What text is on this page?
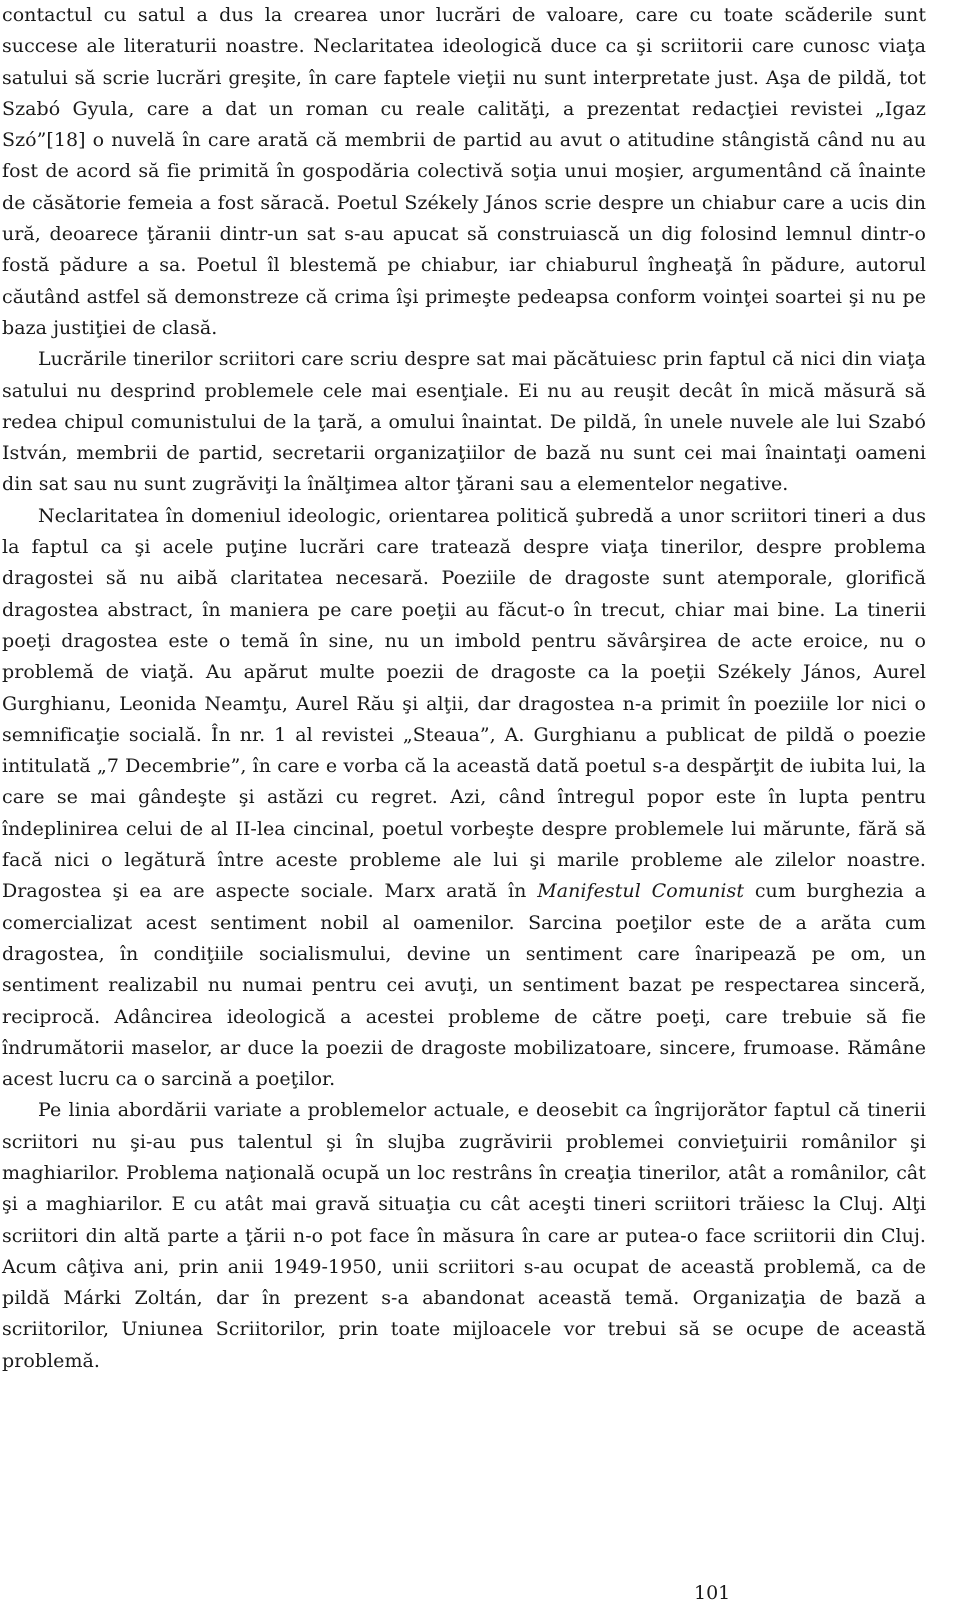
contactul cu satul a dus la crearea unor lucrări de valoare, care cu toate scăderile sunt succese ale literaturii noastre. Neclaritatea ideologică duce ca şi scriitorii care cunosc viaţa satului să scrie lucrări greşite, în care faptele vieţii nu sunt interpretate just. Aşa de pildă, tot Szabó Gyula, care a dat un roman cu reale calităţi, a prezentat redacţiei revistei „Igaz Szó”[18] o nuvelă în care arată că membrii de partid au avut o atitudine stângistă când nu au fost de acord să fie primită în gospodăria colectivă soţia unui moşier, argumentând că înainte de căsătorie femeia a fost săracă. Poetul Székely János scrie despre un chiabur care a ucis din ură, deoarece ţăranii dintr-un sat s-au apucat să construiască un dig folosind lemnul dintr-o fostă pădure a sa. Poetul îl blestemă pe chiabur, iar chiaburul îngheaţă în pădure, autorul căutând astfel să demonstreze că crima îşi primeşte pedeapsa conform voinţei soartei şi nu pe baza justiţiei de clasă.

Lucrările tinerilor scriitori care scriu despre sat mai păcătuiesc prin faptul că nici din viaţa satului nu desprind problemele cele mai esenţiale. Ei nu au reuşit decât în mică măsură să redea chipul comunistului de la ţară, a omului înaintat. De pildă, în unele nuvele ale lui Szabó István, membrii de partid, secretarii organizaţiilor de bază nu sunt cei mai înaintaţi oameni din sat sau nu sunt zugrăviţi la înălţimea altor ţărani sau a elementelor negative.

Neclaritatea în domeniul ideologic, orientarea politică şubredă a unor scriitori tineri a dus la faptul ca şi acele puţine lucrări care tratează despre viaţa tinerilor, despre problema dragostei să nu aibă claritatea necesară. Poeziile de dragoste sunt atemporale, glorifică dragostea abstract, în maniera pe care poeţii au făcut-o în trecut, chiar mai bine. La tinerii poeţi dragostea este o temă în sine, nu un imbold pentru săvârşirea de acte eroice, nu o problemă de viaţă. Au apărut multe poezii de dragoste ca la poeţii Székely János, Aurel Gurghianu, Leonida Neamţu, Aurel Rău şi alţii, dar dragostea n-a primit în poeziile lor nici o semnificaţie socială. În nr. 1 al revistei „Steaua”, A. Gurghianu a publicat de pildă o poezie intitulată „7 Decembrie”, în care e vorba că la această dată poetul s-a despărţit de iubita lui, la care se mai gândeşte şi astăzi cu regret. Azi, când întregul popor este în lupta pentru îndeplinirea celui de al II-lea cincinal, poetul vorbeşte despre problemele lui mărunte, fără să facă nici o legătură între aceste probleme ale lui şi marile probleme ale zilelor noastre. Dragostea şi ea are aspecte sociale. Marx arată în Manifestul Comunist cum burghezia a comercializat acest sentiment nobil al oamenilor. Sarcina poeţilor este de a arăta cum dragostea, în condiţiile socialismului, devine un sentiment care înaripează pe om, un sentiment realizabil nu numai pentru cei avuţi, un sentiment bazat pe respectarea sinceră, reciprocă. Adâncirea ideologică a acestei probleme de către poeţi, care trebuie să fie îndrumătorii maselor, ar duce la poezii de dragoste mobilizatoare, sincere, frumoase. Rămâne acest lucru ca o sarcină a poeţilor.

Pe linia abordării variate a problemelor actuale, e deosebit ca îngrijorător faptul că tinerii scriitori nu şi-au pus talentul şi în slujba zugrăvirii problemei convieţuirii românilor şi maghiarilor. Problema naţională ocupă un loc restrâns în creaţia tinerilor, atât a românilor, cât şi a maghiarilor. E cu atât mai gravă situaţia cu cât aceşti tineri scriitori trăiesc la Cluj. Alţi scriitori din altă parte a ţării n-o pot face în măsura în care ar putea-o face scriitorii din Cluj. Acum câţiva ani, prin anii 1949-1950, unii scriitori s-au ocupat de această problemă, ca de pildă Márki Zoltán, dar în prezent s-a abandonat această temă. Organizaţia de bază a scriitorilor, Uniunea Scriitorilor, prin toate mijloacele vor trebui să se ocupe de această problemă.

101
